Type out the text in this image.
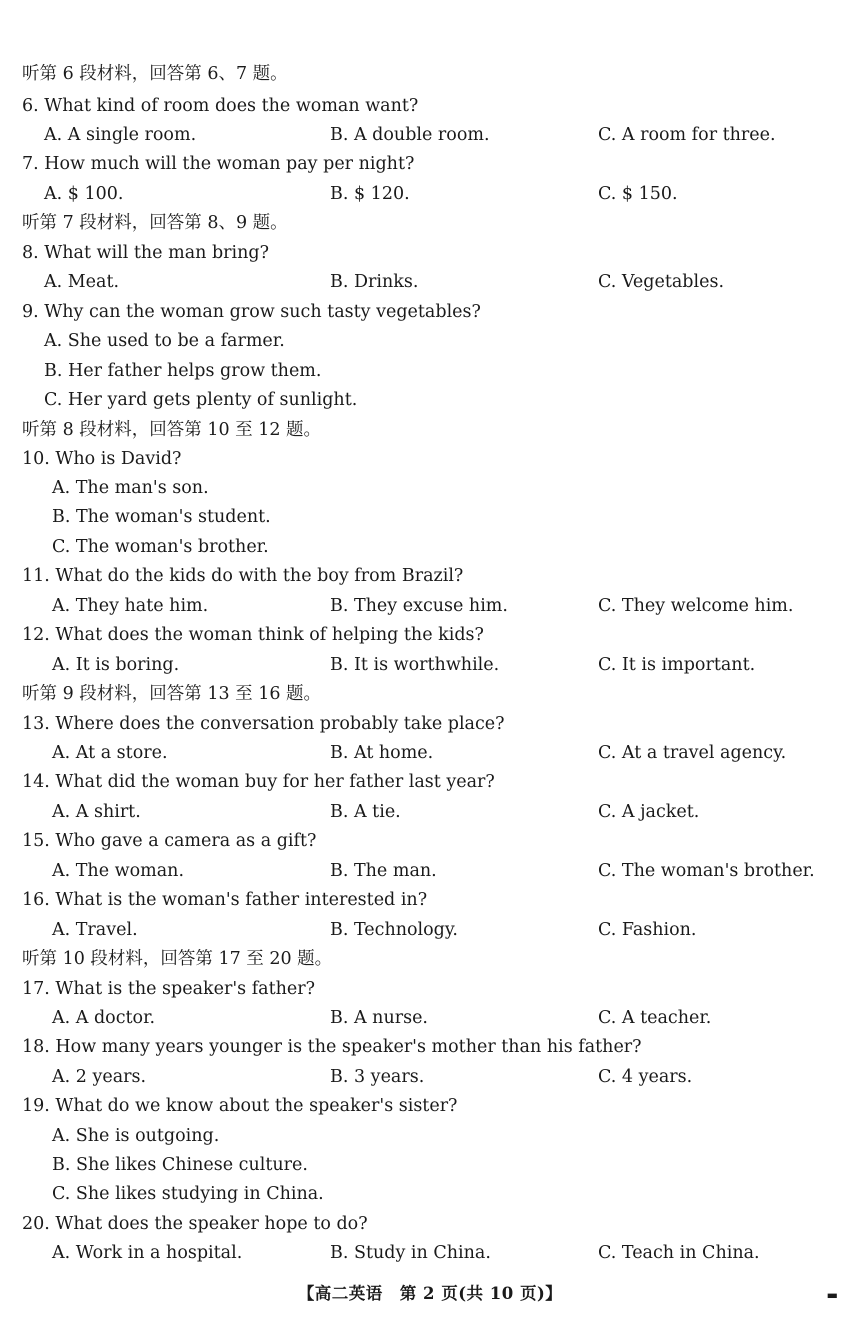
听第 6 段材料，回答第 6、7 题。
6. What kind of room does the woman want?
A. A single room.	B. A double room.	C. A room for three.
7. How much will the woman pay per night?
A. $ 100.	B. $ 120.	C. $ 150.
听第 7 段材料，回答第 8、9 题。
8. What will the man bring?
A. Meat.	B. Drinks.	C. Vegetables.
9. Why can the woman grow such tasty vegetables?
A. She used to be a farmer.
B. Her father helps grow them.
C. Her yard gets plenty of sunlight.
听第 8 段材料，回答第 10 至 12 题。
10. Who is David?
A. The man's son.
B. The woman's student.
C. The woman's brother.
11. What do the kids do with the boy from Brazil?
A. They hate him.	B. They excuse him.	C. They welcome him.
12. What does the woman think of helping the kids?
A. It is boring.	B. It is worthwhile.	C. It is important.
听第 9 段材料，回答第 13 至 16 题。
13. Where does the conversation probably take place?
A. At a store.	B. At home.	C. At a travel agency.
14. What did the woman buy for her father last year?
A. A shirt.	B. A tie.	C. A jacket.
15. Who gave a camera as a gift?
A. The woman.	B. The man.	C. The woman's brother.
16. What is the woman's father interested in?
A. Travel.	B. Technology.	C. Fashion.
听第 10 段材料，回答第 17 至 20 题。
17. What is the speaker's father?
A. A doctor.	B. A nurse.	C. A teacher.
18. How many years younger is the speaker's mother than his father?
A. 2 years.	B. 3 years.	C. 4 years.
19. What do we know about the speaker's sister?
A. She is outgoing.
B. She likes Chinese culture.
C. She likes studying in China.
20. What does the speaker hope to do?
A. Work in a hospital.	B. Study in China.	C. Teach in China.
【高二英语　第 2 页(共 10 页)】	▬
